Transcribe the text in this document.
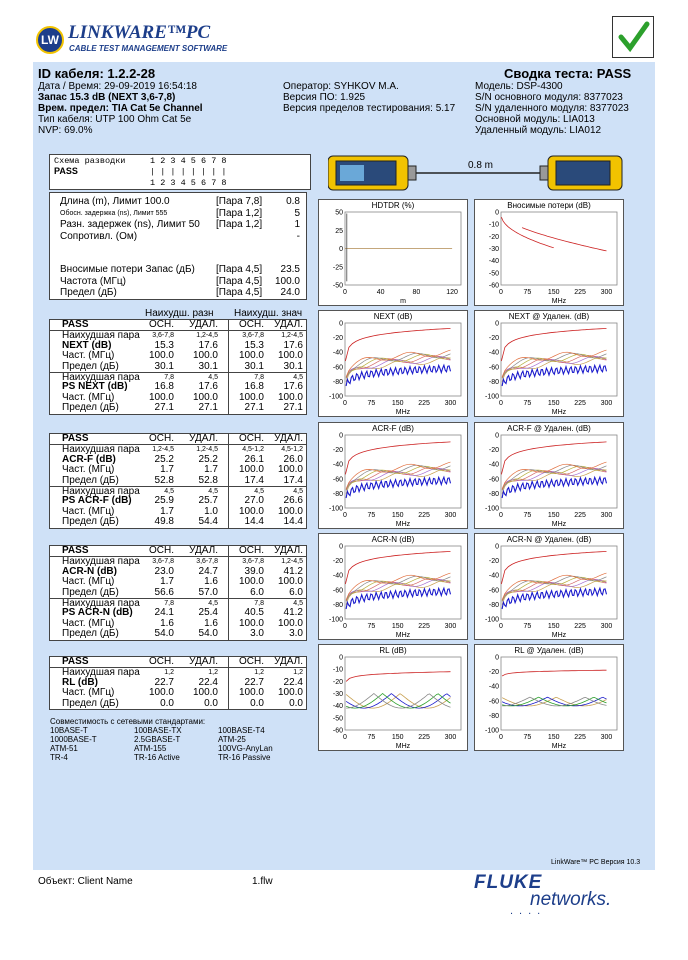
LW LINKWARE™PC
CABLE TEST MANAGEMENT SOFTWARE
ID кабеля: 1.2.2-28	Сводка теста: PASS
Дата / Время: 29-09-2019 16:54:18
Запас 15.3 dB (NEXT 3,6-7,8)
Врем. предел: TIA Cat 5e Channel
Тип кабеля: UTP 100 Ohm Cat 5e
NVP: 69.0%
Оператор: SYHKOV M.A.
Версия ПО: 1.925
Версия пределов тестирования: 5.17
Модель: DSP-4300
S/N основного модуля: 8377023
S/N удаленного модуля: 8377023
Основной модуль: LIA013
Удаленный модуль: LIA012
Схема разводки
PASS
1 2 3 4 5 6 7 8
| | | | | | | |
1 2 3 4 5 6 7 8
0.8 m
Длина (m), Лимит 100.0	[Пара 7,8] 0.8
Обосн. задержка (ns), Лимит 555	[Пара 1,2]	5
Разн. задержек (ns), Лимит 50 [Пара 1,2]	1
Сопротивл. (Ом)	-
Вносимые потери Запас (дБ) [Пара 4,5] 23.5
Частота (МГц)	[Пара 4,5] 100.0
Предел (дБ)	[Пара 4,5] 24.0
Наихудш. разн Наихудш. знач
PASS	ОСН. УДАЛ. ОСН. УДАЛ.
Наихудшая пара 3,6-7,8	1,2-4,5	3,6-7,8 1,2-4,5
NEXT (dB)	15.3 17.6	15.3 17.6
Част. (МГц)	100.0 100.0 100.0 100.0
Предел (дБ)	30.1 30.1	30.1 30.1
Наихудшая пара	7,8	4,5	7,8	4,5
PS NEXT (dB)	16.8 17.6	16.8 17.6
Част. (МГц)	100.0 100.0 100.0 100.0
Предел (дБ)	27.1 27.1	27.1 27.1
PASS	ОСН. УДАЛ. ОСН. УДАЛ.
Наихудшая пара 1,2-4,5	1,2-4,5	4,5-1,2 4,5-1,2
ACR-F (dB)	25.2 25.2	26.1 26.0
Част. (МГц)	1.7	1.7 100.0 100.0
Предел (дБ)	52.8 52.8	17.4 17.4
Наихудшая пара	4,5	4,5	4,5	4,5
PS ACR-F (dB) 25.9 25.7	27.0 26.6
Част. (МГц)	1.7	1.0 100.0 100.0
Предел (дБ)	49.8 54.4	14.4 14.4
PASS	ОСН. УДАЛ. ОСН. УДАЛ.
Наихудшая пара 3,6-7,8	3,6-7,8	3,6-7,8 1,2-4,5
ACR-N (dB)	23.0 24.7	39.0 41.2
Част. (МГц)	1.7	1.6 100.0 100.0
Предел (дБ)	56.6 57.0	6.0	6.0
Наихудшая пара	7,8	4,5	7,8	4,5
PS ACR-N (dB) 24.1 25.4	40.5 41.2
Част. (МГц)	1.6	1.6 100.0 100.0
Предел (дБ)	54.0 54.0	3.0	3.0
PASS	ОСН. УДАЛ. ОСН. УДАЛ.
Наихудшая пара	1,2	1,2	1,2	1,2
RL (dB)	22.7 22.4	22.7 22.4
Част. (МГц)	100.0 100.0 100.0 100.0
Предел (дБ)	0.0	0.0	0.0	0.0
Совместимость с сетевыми стандартами:
10BASE-T	100BASE-TX	100BASE-T4
1000BASE-T	2.5GBASE-T	ATM-25
ATM-51	ATM-155	100VG-AnyLan
TR-4	TR-16 Active	TR-16 Passive
HDTDR (%)
50
25
0
-25
-50
0	40	80	120
m
Вносимые потери (dB)
0
-10
-20
-30
-40
-50
-60
0	75 150 225 300
MHz
NEXT (dB)
0
-20
-40
-60
-80
-100
0	75 150 225 300
MHz
NEXT @ Удален. (dB)
0
-20
-40
-60
-80
-100
0	75 150 225 300
MHz
ACR-F (dB)
0
-20
-40
-60
-80
-100
0	75 150 225 300
MHz
ACR-F @ Удален. (dB)
0
-20
-40
-60
-80
-100
0	75 150 225 300
MHz
ACR-N (dB)
0
-20
-40
-60
-80
-100
0	75 150 225 300
MHz
ACR-N @ Удален. (dB)
0
-20
-40
-60
-80
-100
0	75 150 225 300
MHz
RL (dB)
0
-10
-20
-30
-40
-50
-60
0	75 150 225 300
MHz
RL @ Удален. (dB)
0
-20
-40
-60
-80
-100
0	75 150 225 300
MHz
LinkWare™ PC Версия 10.3
Объект: Client Name	1.flw	FLUKE
networks.
....
